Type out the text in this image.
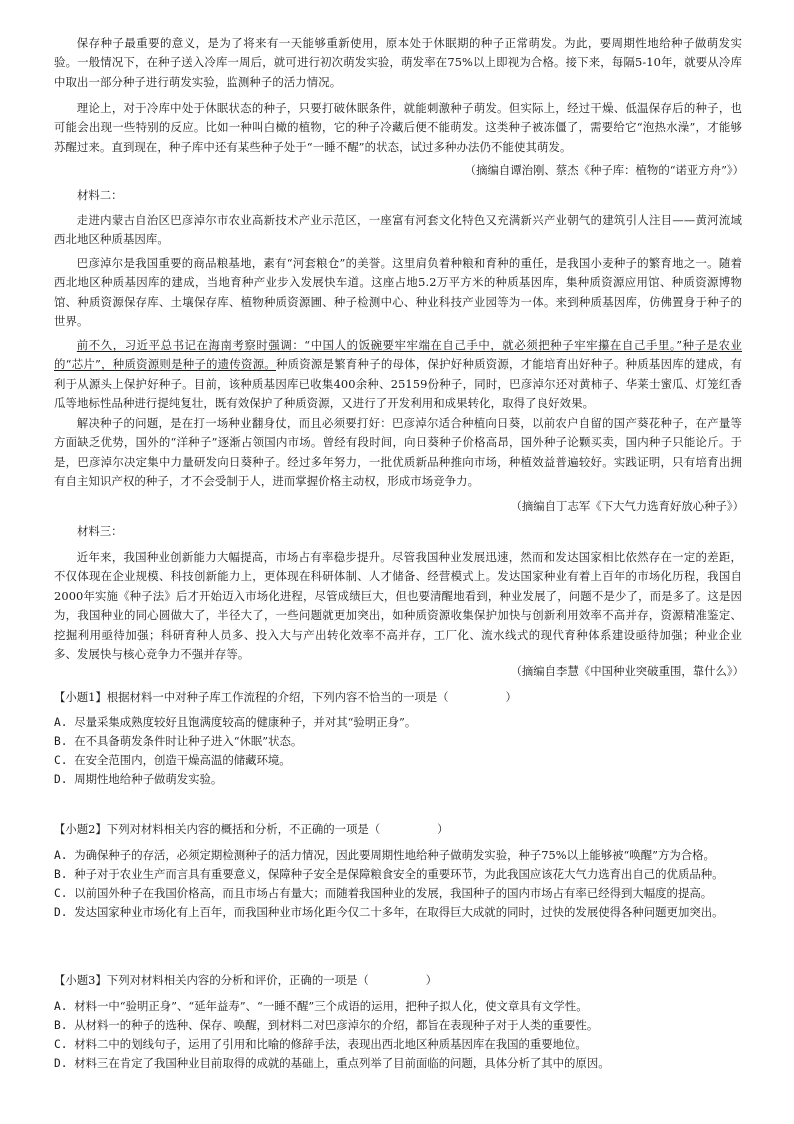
保存种子最重要的意义，是为了将来有一天能够重新使用，原本处于休眠期的种子正常萌发。为此，要周期性地给种子做萌发实验。一般情况下，在种子送入冷库一周后，就可进行初次萌发实验，萌发率在75%以上即视为合格。接下来，每隔5-10年，就要从冷库中取出一部分种子进行萌发实验，监测种子的活力情况。

理论上，对于冷库中处于休眠状态的种子，只要打破休眠条件，就能刺激种子萌发。但实际上，经过干燥、低温保存后的种子，也可能会出现一些特别的反应。比如一种叫白橄的植物，它的种子冷藏后便不能萌发。这类种子被冻僵了，需要给它“泡热水澡”，才能够苏醒过来。直到现在，种子库中还有某些种子处于“一睡不醒”的状态，试过多种办法仍不能使其萌发。

（摘编自谭治刚、蔡杰《种子库：植物的“诺亚方舟”》）

材料二：

走进内蒙古自治区巴彦淖尔市农业高新技术产业示范区，一座富有河套文化特色又充满新兴产业朝气的建筑引人注目——黄河流域西北地区种质基因库。

巴彦淖尔是我国重要的商品粮基地，素有“河套粮仓”的美誉。这里肩负着种粮和育种的重任，是我国小麦种子的繁育地之一。随着西北地区种质基因库的建成，当地育种产业步入发展快车道。这座占地5.2万平方米的种质基因库，集种质资源应用馆、种质资源博物馆、种质资源保存库、土壤保存库、植物种质资源圃、种子检测中心、种业科技产业园等为一体。来到种质基因库，仿佛置身于种子的世界。

前不久，习近平总书记在海南考察时强调：“中国人的饭碗要牢牢端在自己手中，就必须把种子牢牢攥在自己手里。”种子是农业的“芯片”，种质资源则是种子的遗传资源。种质资源是繁育种子的母体，保护好种质资源，才能培育出好种子。种质基因库的建成，有利于从源头上保护好种子。目前，该种质基因库已收集400余种、25159份种子，同时，巴彦淖尔还对黄柿子、华莱士蜜瓜、灯笼红香瓜等地标性品种进行提纯复壮，既有效保护了种质资源，又进行了开发利用和成果转化，取得了良好效果。

解决种子的问题，是在打一场种业翻身仗，而且必须要打好：巴彦淖尔适合种植向日葵，以前农户自留的国产葵花种子，在产量等方面缺乏优势，国外的“洋种子”逐渐占领国内市场。曾经有段时间，向日葵种子价格高昂，国外种子论颗买卖，国内种子只能论斤。于是，巴彦淖尔决定集中力量研发向日葵种子。经过多年努力，一批优质新品种推向市场，种植效益普遍较好。实践证明，只有培育出拥有自主知识产权的种子，才不会受制于人，进而掌握价格主动权，形成市场竞争力。

（摘编自丁志军《下大气力选育好放心种子》）

材料三：

近年来，我国种业创新能力大幅提高，市场占有率稳步提升。尽管我国种业发展迅速，然而和发达国家相比依然存在一定的差距，不仅体现在企业规模、科技创新能力上，更体现在科研体制、人才储备、经营模式上。发达国家种业有着上百年的市场化历程，我国自2000年实施《种子法》后才开始迈入市场化进程，尽管成绩巨大，但也要清醒地看到，种业发展了，问题不是少了，而是多了。这是因为，我国种业的同心圆做大了，半径大了，一些问题就更加突出，如种质资源收集保护加快与创新利用效率不高并存，资源精准鉴定、挖掘利用亟待加强；科研育种人员多、投入大与产出转化效率不高并存，工厂化、流水线式的现代育种体系建设亟待加强；种业企业多、发展快与核心竞争力不强并存等。

（摘编自李慧《中国种业突破重围，靠什么》）

【小题1】根据材料一中对种子库工作流程的介绍，下列内容不恰当的一项是（　　　　　）

A. 尽量采集成熟度较好且饱满度较高的健康种子，并对其“验明正身”。
B. 在不具备萌发条件时让种子进入“休眠”状态。
C. 在安全范围内，创造干燥高温的储藏环境。
D. 周期性地给种子做萌发实验。

【小题2】下列对材料相关内容的概括和分析，不正确的一项是（　　　　　）

A. 为确保种子的存活，必须定期检测种子的活力情况，因此要周期性地给种子做萌发实验，种子75%以上能够被“唤醒”方为合格。
B. 种子对于农业生产而言具有重要意义，保障种子安全是保障粮食安全的重要环节，为此我国应该花大气力选育出自己的优质品种。
C. 以前国外种子在我国价格高，而且市场占有量大；而随着我国种业的发展，我国种子的国内市场占有率已经得到大幅度的提高。
D. 发达国家种业市场化有上百年，而我国种业市场化距今仅二十多年，在取得巨大成就的同时，过快的发展使得各种问题更加突出。

【小题3】下列对材料相关内容的分析和评价，正确的一项是（　　　　　）

A. 材料一中“验明正身”、“延年益寿”、“一睡不醒”三个成语的运用，把种子拟人化，使文章具有文学性。
B. 从材料一的种子的选种、保存、唤醒，到材料二对巴彦淖尔的介绍，都旨在表现种子对于人类的重要性。
C. 材料二中的划线句子，运用了引用和比喻的修辞手法，表现出西北地区种质基因库在我国的重要地位。
D. 材料三在肯定了我国种业目前取得的成就的基础上，重点列举了目前面临的问题，具体分析了其中的原因。
